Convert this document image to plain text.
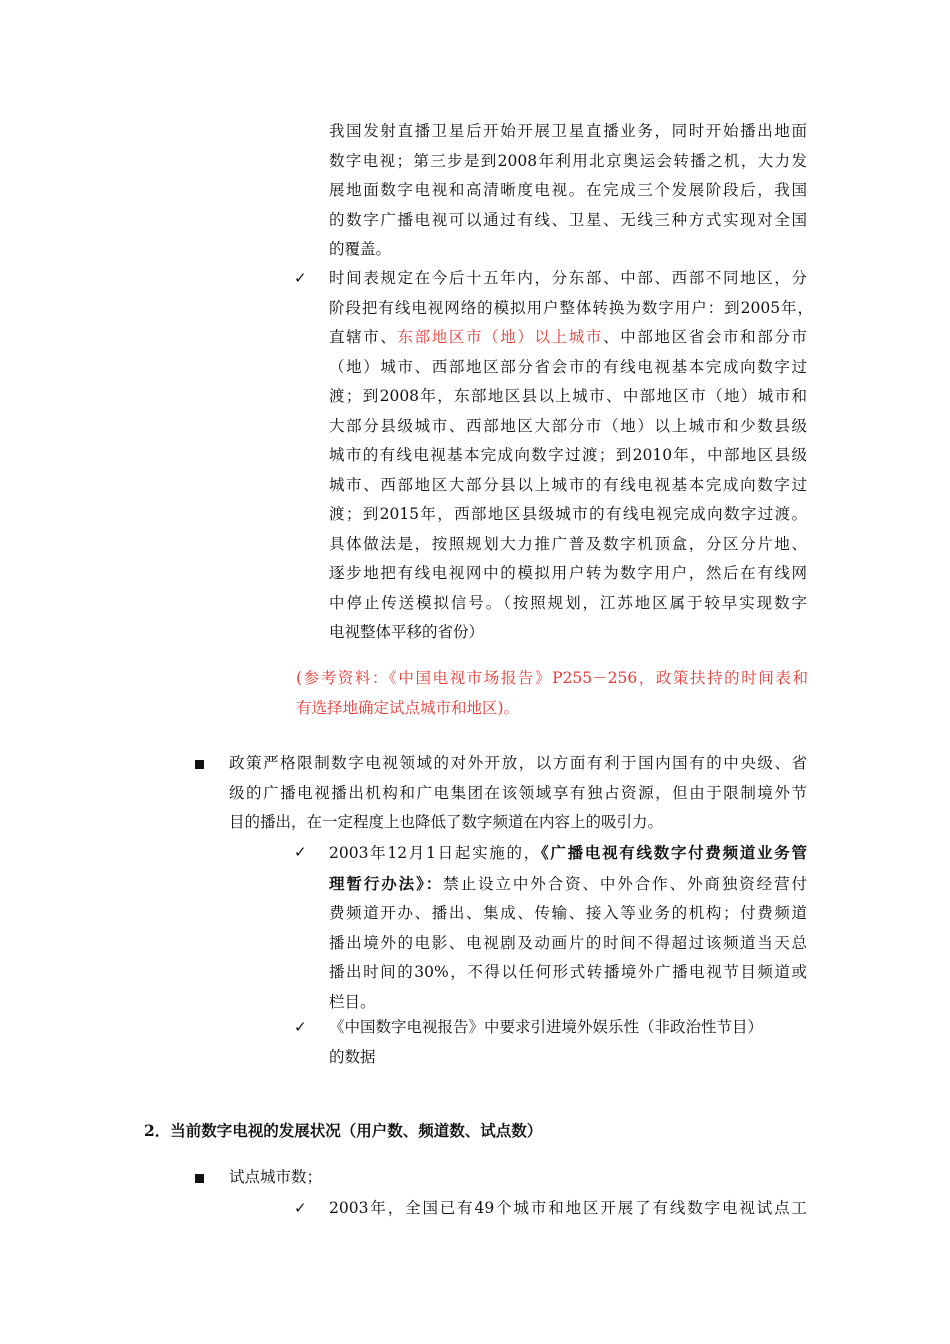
我国发射直播卫星后开始开展卫星直播业务，同时开始播出地面
数字电视；第三步是到2008年利用北京奥运会转播之机，大力发
展地面数字电视和高清晰度电视。在完成三个发展阶段后，我国
的数字广播电视可以通过有线、卫星、无线三种方式实现对全国
的覆盖。
✓ 时间表规定在今后十五年内，分东部、中部、西部不同地区，分
阶段把有线电视网络的模拟用户整体转换为数字用户：到2005年，
直辖市、东部地区市（地）以上城市、中部地区省会市和部分市
（地）城市、西部地区部分省会市的有线电视基本完成向数字过
渡；到2008年，东部地区县以上城市、中部地区市（地）城市和
大部分县级城市、西部地区大部分市（地）以上城市和少数县级
城市的有线电视基本完成向数字过渡；到2010年，中部地区县级
城市、西部地区大部分县以上城市的有线电视基本完成向数字过
渡；到2015年，西部地区县级城市的有线电视完成向数字过渡。
具体做法是，按照规划大力推广普及数字机顶盒，分区分片地、
逐步地把有线电视网中的模拟用户转为数字用户，然后在有线网
中停止传送模拟信号。（按照规划，江苏地区属于较早实现数字
电视整体平移的省份）
(参考资料：《中国电视市场报告》P255－256，政策扶持的时间表和
有选择地确定试点城市和地区)。
政策严格限制数字电视领域的对外开放，以方面有利于国内国有的中央级、省
级的广播电视播出机构和广电集团在该领域享有独占资源，但由于限制境外节
目的播出，在一定程度上也降低了数字频道在内容上的吸引力。
✓ 2003年12月1日起实施的，《广播电视有线数字付费频道业务管
理暂行办法》：禁止设立中外合资、中外合作、外商独资经营付
费频道开办、播出、集成、传输、接入等业务的机构；付费频道
播出境外的电影、电视剧及动画片的时间不得超过该频道当天总
播出时间的30%，不得以任何形式转播境外广播电视节目频道或
栏目。
✓ 《中国数字电视报告》中要求引进境外娱乐性（非政治性节目）
的数据
2．当前数字电视的发展状况（用户数、频道数、试点数）
试点城市数；
✓ 2003年，全国已有49个城市和地区开展了有线数字电视试点工
